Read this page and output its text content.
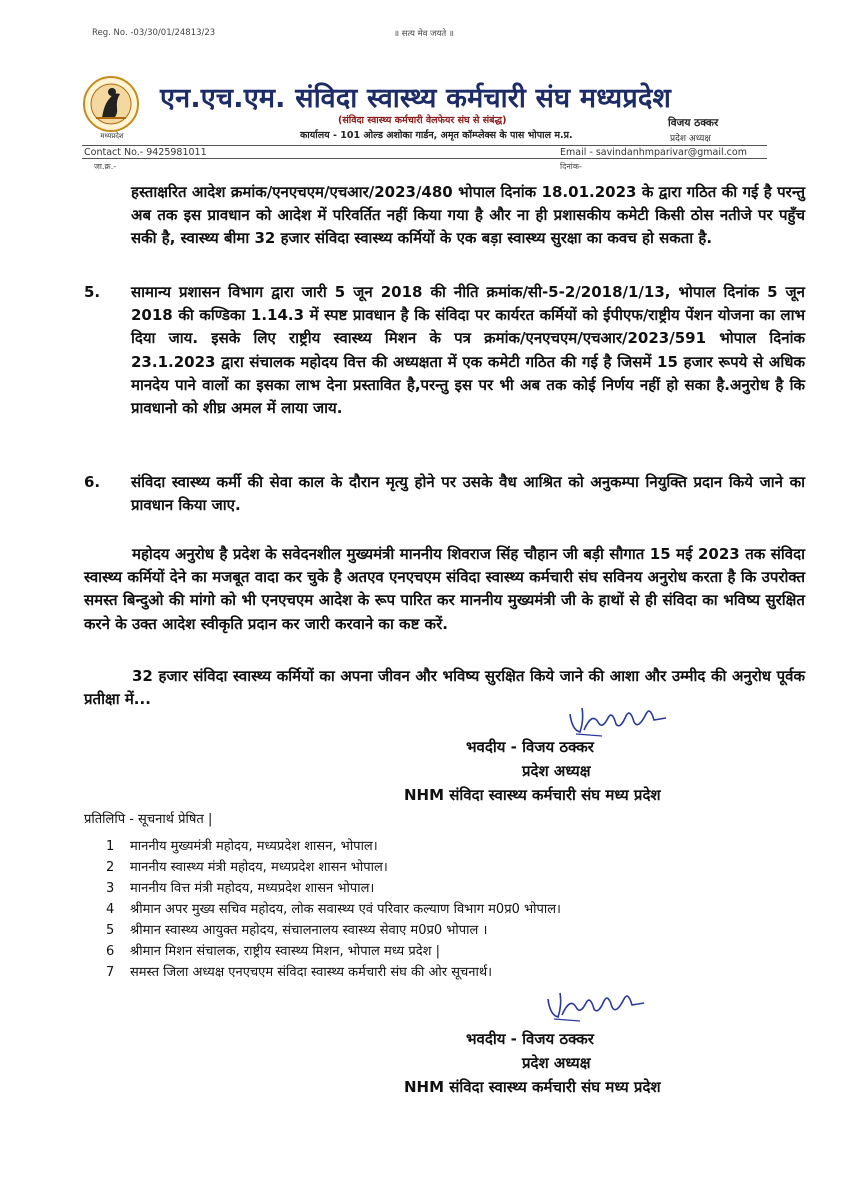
Reg. No. -03/30/01/24813/23	॥ सत्य मेव जयते ॥
मध्यप्रदेश
एन.एच.एम. संविदा स्वास्थ्य कर्मचारी संघ मध्यप्रदेश
(संविदा स्वास्थ्य कर्मचारी वेलफेयर संघ से संबंद्ध)
कार्यालय - 101 ओल्ड अशोका गार्डन, अमृत कॉम्प्लेक्स के पास भोपाल म.प्र.
विजय ठक्कर
प्रदेश अध्यक्ष
Contact No.- 9425981011	Email - savindanhmparivar@gmail.com
जा.क्र.-	दिनांक-
हस्ताक्षरित आदेश क्रमांक/एनएचएम/एचआर/2023/480 भोपाल दिनांक 18.01.2023 के द्वारा गठित की गई है परन्तु अब तक इस प्रावधान को आदेश में परिवर्तित नहीं किया गया है और ना ही प्रशासकीय कमेटी किसी ठोस नतीजे पर पहुँच सकी है, स्वास्थ्य बीमा 32 हजार संविदा स्वास्थ्य कर्मियों के एक बड़ा स्वास्थ्य सुरक्षा का कवच हो सकता है.
5. सामान्य प्रशासन विभाग द्वारा जारी 5 जून 2018 की नीति क्रमांक/सी-5-2/2018/1/13, भोपाल दिनांक 5 जून 2018 की कण्डिका 1.14.3 में स्पष्ट प्रावधान है कि संविदा पर कार्यरत कर्मियों को ईपीएफ/राष्ट्रीय पेंशन योजना का लाभ दिया जाय. इसके लिए राष्ट्रीय स्वास्थ्य मिशन के पत्र क्रमांक/एनएचएम/एचआर/2023/591 भोपाल दिनांक 23.1.2023 द्वारा संचालक महोदय वित्त की अध्यक्षता में एक कमेटी गठित की गई है जिसमें 15 हजार रूपये से अधिक मानदेय पाने वालों का इसका लाभ देना प्रस्तावित है,परन्तु इस पर भी अब तक कोई निर्णय नहीं हो सका है.अनुरोध है कि प्रावधानो को शीघ्र अमल में लाया जाय.
6. संविदा स्वास्थ्य कर्मी की सेवा काल के दौरान मृत्यु होने पर उसके वैध आश्रित को अनुकम्पा नियुक्ति प्रदान किये जाने का प्रावधान किया जाए.
महोदय अनुरोध है प्रदेश के सवेदनशील मुख्यमंत्री माननीय शिवराज सिंह चौहान जी बड़ी सौगात 15 मई 2023 तक संविदा स्वास्थ्य कर्मियों देने का मजबूत वादा कर चुके है अतएव एनएचएम संविदा स्वास्थ्य कर्मचारी संघ सविनय अनुरोध करता है कि उपरोक्त समस्त बिन्दुओ की मांगो को भी एनएचएम आदेश के रूप पारित कर माननीय मुख्यमंत्री जी के हाथों से ही संविदा का भविष्य सुरक्षित करने के उक्त आदेश स्वीकृति प्रदान कर जारी करवाने का कष्ट करें.
32 हजार संविदा स्वास्थ्य कर्मियों का अपना जीवन और भविष्य सुरक्षित किये जाने की आशा और उम्मीद की अनुरोध पूर्वक प्रतीक्षा में...
भवदीय - विजय ठक्कर
प्रदेश अध्यक्ष
NHM संविदा स्वास्थ्य कर्मचारी संघ मध्य प्रदेश
प्रतिलिपि - सूचनार्थ प्रेषित |
1 माननीय मुख्यमंत्री महोदय, मध्यप्रदेश शासन, भोपाल।
2 माननीय स्वास्थ्य मंत्री महोदय, मध्यप्रदेश शासन भोपाल।
3 माननीय वित्त मंत्री महोदय, मध्यप्रदेश शासन भोपाल।
4 श्रीमान अपर मुख्य सचिव महोदय, लोक सवास्थ्य एवं परिवार कल्याण विभाग म0प्र0 भोपाल।
5 श्रीमान स्वास्थ्य आयुक्त महोदय, संचालनालय स्वास्थ्य सेवाए म0प्र0 भोपाल ।
6 श्रीमान मिशन संचालक, राष्ट्रीय स्वास्थ्य मिशन, भोपाल मध्य प्रदेश |
7 समस्त जिला अध्यक्ष एनएचएम संविदा स्वास्थ्य कर्मचारी संघ की ओर सूचनार्थ।
भवदीय - विजय ठक्कर
प्रदेश अध्यक्ष
NHM संविदा स्वास्थ्य कर्मचारी संघ मध्य प्रदेश
